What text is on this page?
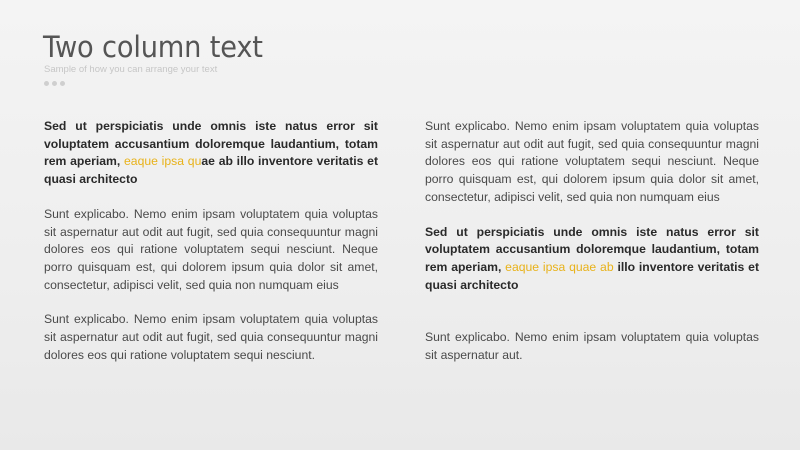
Two column text
Sample of how you can arrange your text

Sed ut perspiciatis unde omnis iste natus error sit voluptatem accusantium doloremque laudantium, totam rem aperiam, eaque ipsa quae ab illo inventore veritatis et quasi architecto

Sunt explicabo. Nemo enim ipsam voluptatem quia voluptas sit aspernatur aut odit aut fugit, sed quia consequuntur magni dolores eos qui ratione voluptatem sequi nesciunt. Neque porro quisquam est, qui dolorem ipsum quia dolor sit amet, consectetur, adipisci velit, sed quia non numquam eius

Sunt explicabo. Nemo enim ipsam voluptatem quia voluptas sit aspernatur aut odit aut fugit, sed quia consequuntur magni dolores eos qui ratione voluptatem sequi nesciunt.

Sunt explicabo. Nemo enim ipsam voluptatem quia voluptas sit aspernatur aut odit aut fugit, sed quia consequuntur magni dolores eos qui ratione voluptatem sequi nesciunt. Neque porro quisquam est, qui dolorem ipsum quia dolor sit amet, consectetur, adipisci velit, sed quia non numquam eius

Sed ut perspiciatis unde omnis iste natus error sit voluptatem accusantium doloremque laudantium, totam rem aperiam, eaque ipsa quae ab illo inventore veritatis et quasi architecto

Sunt explicabo. Nemo enim ipsam voluptatem quia voluptas sit aspernatur aut.
